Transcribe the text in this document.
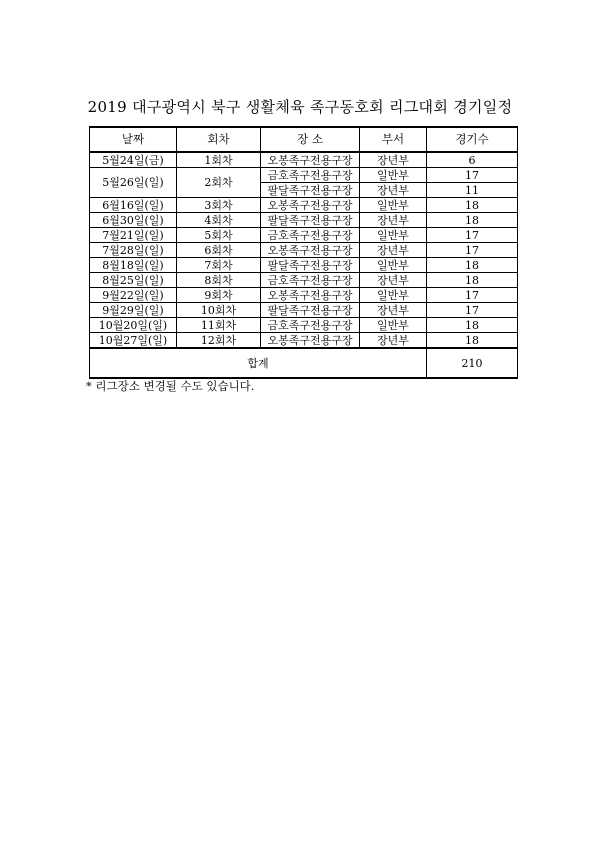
2019 대구광역시 북구 생활체육 족구동호회 리그대회 경기일정
날짜	회차	장 소	부서	경기수
5월24일(금)	1회차	오봉족구전용구장	장년부	6
5월26일(일)	2회차	금호족구전용구장	일반부	17
		팔달족구전용구장	장년부	11
6월16일(일)	3회차	오봉족구전용구장	일반부	18
6월30일(일)	4회차	팔달족구전용구장	장년부	18
7월21일(일)	5회차	금호족구전용구장	일반부	17
7월28일(일)	6회차	오봉족구전용구장	장년부	17
8월18일(일)	7회차	팔달족구전용구장	일반부	18
8월25일(일)	8회차	금호족구전용구장	장년부	18
9월22일(일)	9회차	오봉족구전용구장	일반부	17
9월29일(일)	10회차	팔달족구전용구장	장년부	17
10월20일(일)	11회차	금호족구전용구장	일반부	18
10월27일(일)	12회차	오봉족구전용구장	장년부	18
합계				210
* 리그장소 변경될 수도 있습니다.
